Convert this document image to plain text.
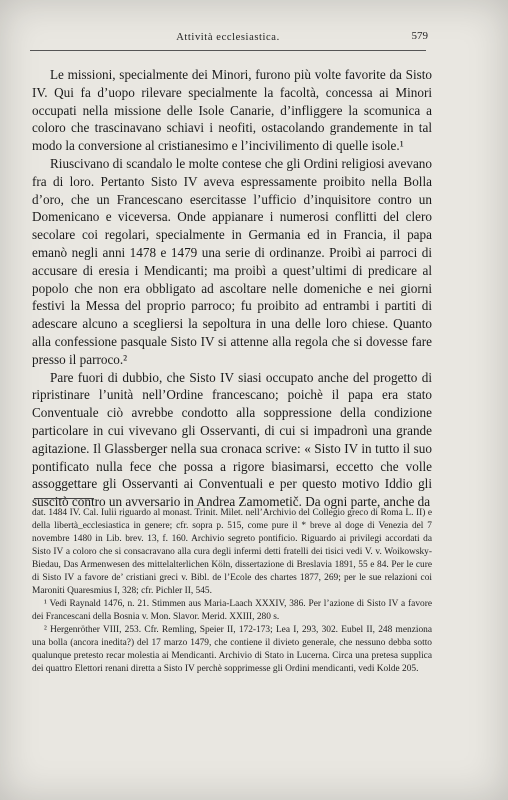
Attività ecclesiastica.	579

Le missioni, specialmente dei Minori, furono più volte favorite da Sisto IV. Qui fa d’uopo rilevare specialmente la facoltà, concessa ai Minori occupati nella missione delle Isole Canarie, d’infliggere la scomunica a coloro che trascinavano schiavi i neofiti, ostacolando grandemente in tal modo la conversione al cristianesimo e l’incivilimento di quelle isole.¹

Riuscivano di scandalo le molte contese che gli Ordini religiosi avevano fra di loro. Pertanto Sisto IV aveva espressamente proibito nella Bolla d’oro, che un Francescano esercitasse l’ufficio d’inquisitore contro un Domenicano e viceversa. Onde appianare i numerosi conflitti del clero secolare coi regolari, specialmente in Germania ed in Francia, il papa emanò negli anni 1478 e 1479 una serie di ordinanze. Proibì ai parroci di accusare di eresia i Mendicanti; ma proibì a quest’ultimi di predicare al popolo che non era obbligato ad ascoltare nelle domeniche e nei giorni festivi la Messa del proprio parroco; fu proibito ad entrambi i partiti di adescare alcuno a scegliersi la sepoltura in una delle loro chiese. Quanto alla confessione pasquale Sisto IV si attenne alla regola che si dovesse fare presso il parroco.²

Pare fuori di dubbio, che Sisto IV siasi occupato anche del progetto di ripristinare l’unità nell’Ordine francescano; poichè il papa era stato Conventuale ciò avrebbe condotto alla soppressione della condizione particolare in cui vivevano gli Osservanti, di cui si impadronì una grande agitazione. Il Glassberger nella sua cronaca scrive: « Sisto IV in tutto il suo pontificato nulla fece che possa a rigore biasimarsi, eccetto che volle assoggettare gli Osservanti ai Conventuali e per questo motivo Iddio gli suscitò contro un avversario in Andrea Zamometič. Da ogni parte, anche da

dat. 1484 IV. Cal. Iulii riguardo al monast. Trinit. Milet. nell’Archivio del Collegio greco di Roma L. II) e della libertà_ecclesiastica in genere; cfr. sopra p. 515, come pure il * breve al doge di Venezia del 7 novembre 1480 in Lib. brev. 13, f. 160. Archivio segreto pontificio. Riguardo ai privilegi accordati da Sisto IV a coloro che si consacravano alla cura degli infermi detti fratelli dei tisici vedi V. v. Woikowsky-Biedau, Das Armenwesen des mittelalterlichen Köln, dissertazione di Breslavia 1891, 55 e 84. Per le cure di Sisto IV a favore de’ cristiani greci v. Bibl. de l’Ecole des chartes 1877, 269; per le sue relazioni coi Maroniti Quaresmius I, 328; cfr. Pichler II, 545.

¹ Vedi Raynald 1476, n. 21. Stimmen aus Maria-Laach XXXIV, 386. Per l’azione di Sisto IV a favore dei Francescani della Bosnia v. Mon. Slavor. Merid. XXIII, 280 s.

² Hergenröther VIII, 253. Cfr. Remling, Speier II, 172-173; Lea I, 293, 302. Eubel II, 248 menziona una bolla (ancora inedita?) del 17 marzo 1479, che contiene il divieto generale, che nessuno debba sotto qualunque pretesto recar molestia ai Mendicanti. Archivio di Stato in Lucerna. Circa una pretesa supplica dei quattro Elettori renani diretta a Sisto IV perchè sopprimesse gli Ordini mendicanti, vedi Kolde 205.
